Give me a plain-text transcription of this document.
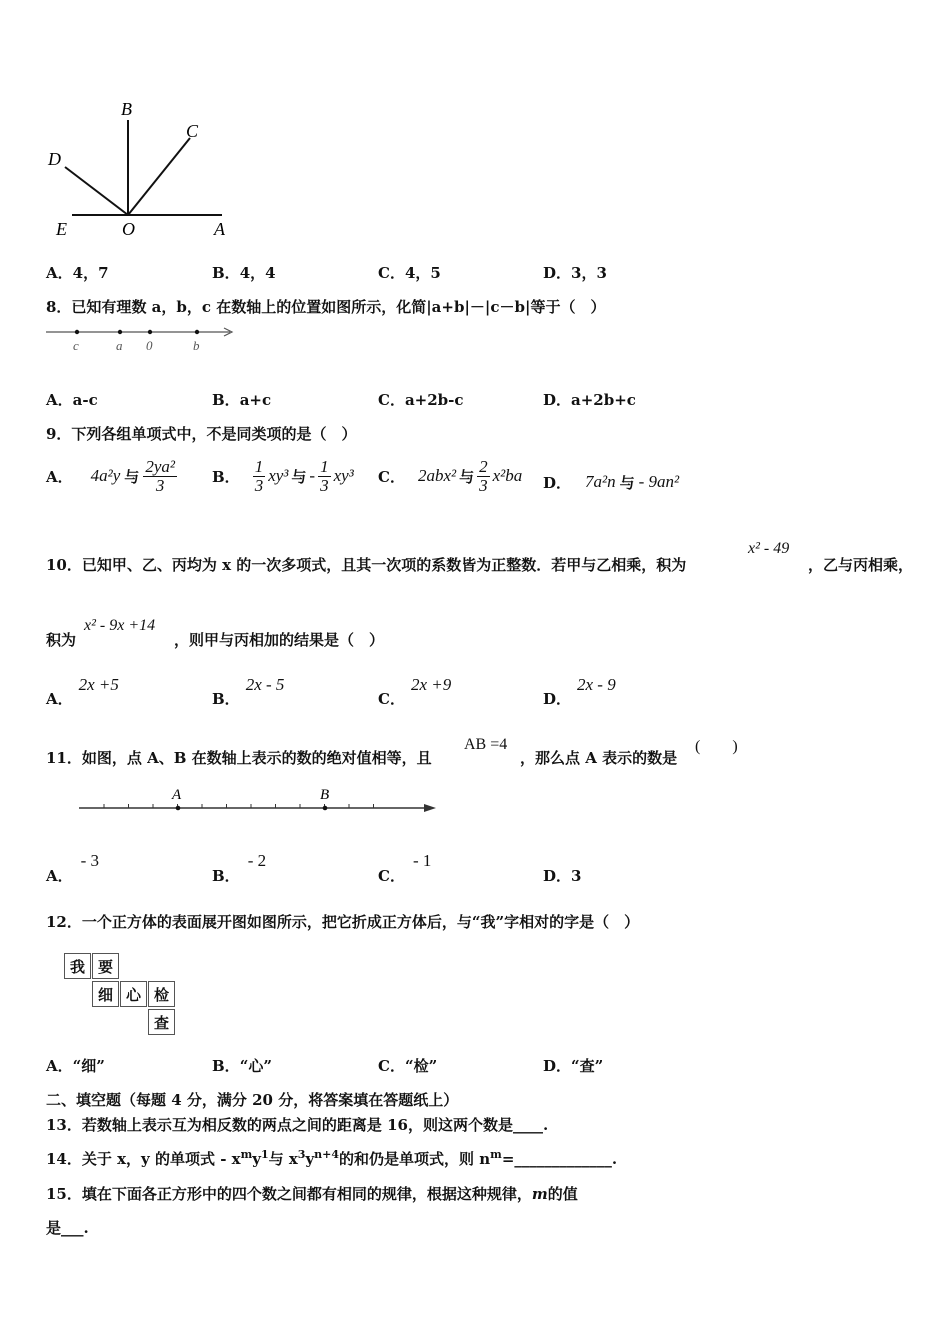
B
C
D
E	O	A
A．4，7	B．4，4	C．4，5	D．3，3
8．已知有理数 a，b，c 在数轴上的位置如图所示，化简|a+b|－|c－b|等于（　）
c	a 0	b
A．a-c	B．a+c	C．a+2b-c	D．a+2b+c
9．下列各组单项式中，不是同类项的是（　）
A． 4a²y 与 $\frac{\text{2ya²}}{3}$ B． $\frac{1}{3} xy^3$ 与 - $\frac{1}{3} xy^3$ C． 2abx² 与 $\frac{2}{3} x^2ba$ D． 7a²n 与 - 9an²
10．已知甲、乙、丙均为 x 的一次多项式，且其一次项的系数皆为正整数．若甲与乙相乘，积为
x² - 49
，乙与丙相乘，
积为
x² - 9x +14
，则甲与丙相加的结果是（　）
A．2x +5
B．2x - 5
C．2x +9
D．2x - 9
11．如图，点 A、B 在数轴上表示的数的绝对值相等，且
AB =4
，那么点 A 表示的数是
(　　)
A	B
A．- 3
B．- 2
C．- 1
D．3
12．一个正方体的表面展开图如图所示，把它折成正方体后，与“我”字相对的字是（　）
我 要
细 心 检
查
A．“细”	B．“心”	C．“检”	D．“查”
二、填空题（每题 4 分，满分 20 分，将答案填在答题纸上）
13．若数轴上表示互为相反数的两点之间的距离是 16，则这两个数是____.
14．关于 x，y 的单项式 - $x^my^1$与 $x^3y^{n+4}$的和仍是单项式，则 $n^m=\_\_\_\_\_\_\_\_\_\_\_\_\_$.
15．填在下面各正方形中的四个数之间都有相同的规律，根据这种规律，m的值
是___.
